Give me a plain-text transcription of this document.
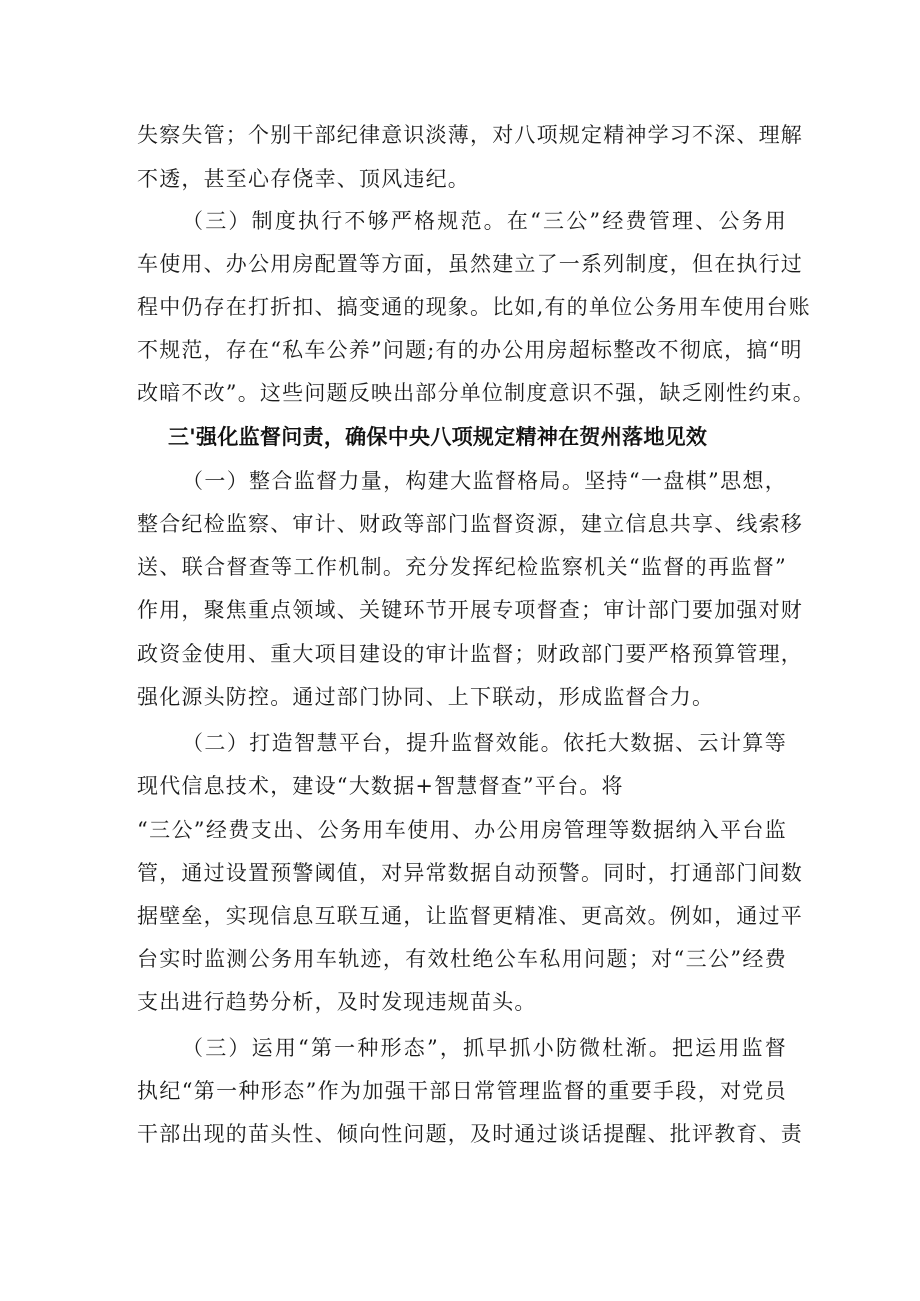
失察失管；个别干部纪律意识淡薄，对八项规定精神学习不深、理解
不透，甚至心存侥幸、顶风违纪。
（三）制度执行不够严格规范。在“三公”经费管理、公务用
车使用、办公用房配置等方面，虽然建立了一系列制度，但在执行过
程中仍存在打折扣、搞变通的现象。比如,有的单位公务用车使用台账
不规范，存在“私车公养”问题;有的办公用房超标整改不彻底，搞“明
改暗不改”。这些问题反映出部分单位制度意识不强，缺乏刚性约束。
三'强化监督问责，确保中央八项规定精神在贺州落地见效
（一）整合监督力量，构建大监督格局。坚持“一盘棋”思想，
整合纪检监察、审计、财政等部门监督资源，建立信息共享、线索移
送、联合督查等工作机制。充分发挥纪检监察机关“监督的再监督”
作用，聚焦重点领域、关键环节开展专项督查；审计部门要加强对财
政资金使用、重大项目建设的审计监督；财政部门要严格预算管理，
强化源头防控。通过部门协同、上下联动，形成监督合力。
（二）打造智慧平台，提升监督效能。依托大数据、云计算等
现代信息技术，建设“大数据+智慧督查”平台。将
“三公”经费支出、公务用车使用、办公用房管理等数据纳入平台监
管，通过设置预警阈值，对异常数据自动预警。同时，打通部门间数
据壁垒，实现信息互联互通，让监督更精准、更高效。例如，通过平
台实时监测公务用车轨迹，有效杜绝公车私用问题；对“三公”经费
支出进行趋势分析，及时发现违规苗头。
（三）运用“第一种形态”，抓早抓小防微杜渐。把运用监督
执纪“第一种形态”作为加强干部日常管理监督的重要手段，对党员
干部出现的苗头性、倾向性问题，及时通过谈话提醒、批评教育、责
